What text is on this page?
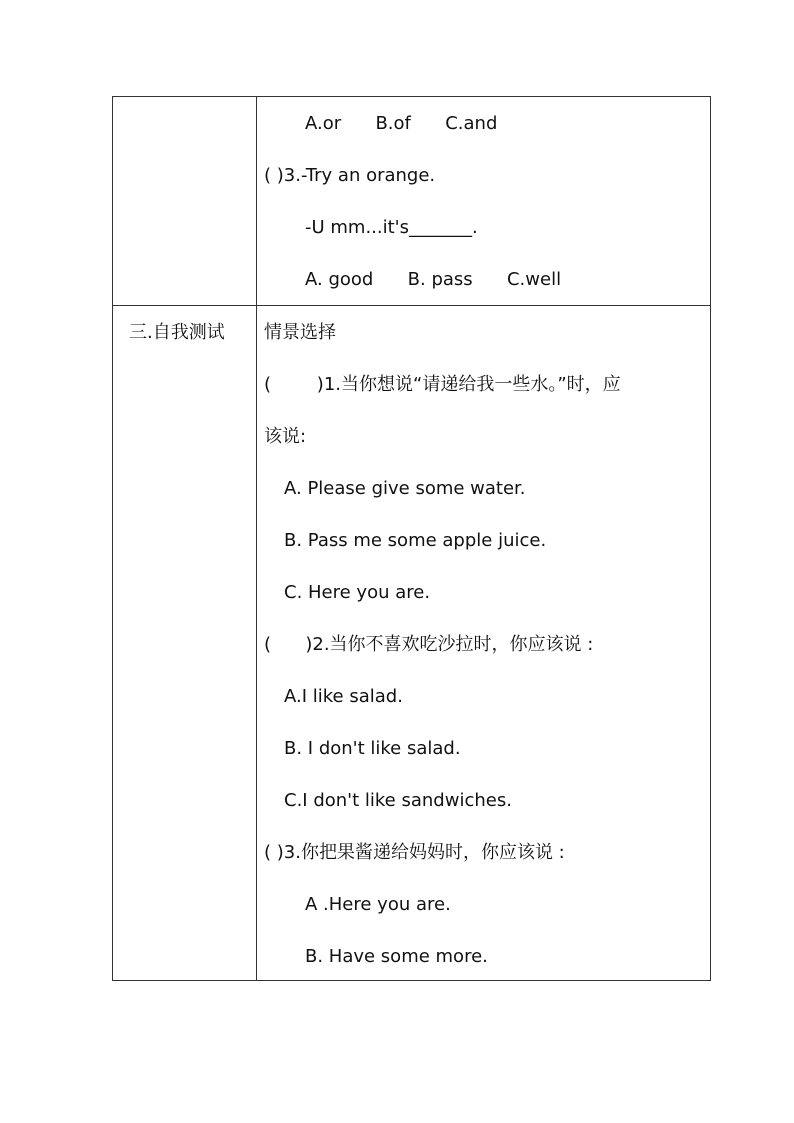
A.or      B.of      C.and
( )3.-Try an orange.
-U mm...it's_______.
A. good      B. pass      C.well
三.自我测试 情景选择
(        )1.当你想说“请递给我一些水。”时，应
该说:
A. Please give some water.
B. Pass me some apple juice.
C. Here you are.
(      )2.当你不喜欢吃沙拉时，你应该说 :
A.I like salad.
B. I don't like salad.
C.I don't like sandwiches.
( )3.你把果酱递给妈妈时，你应该说 :
A .Here you are.
B. Have some more.
